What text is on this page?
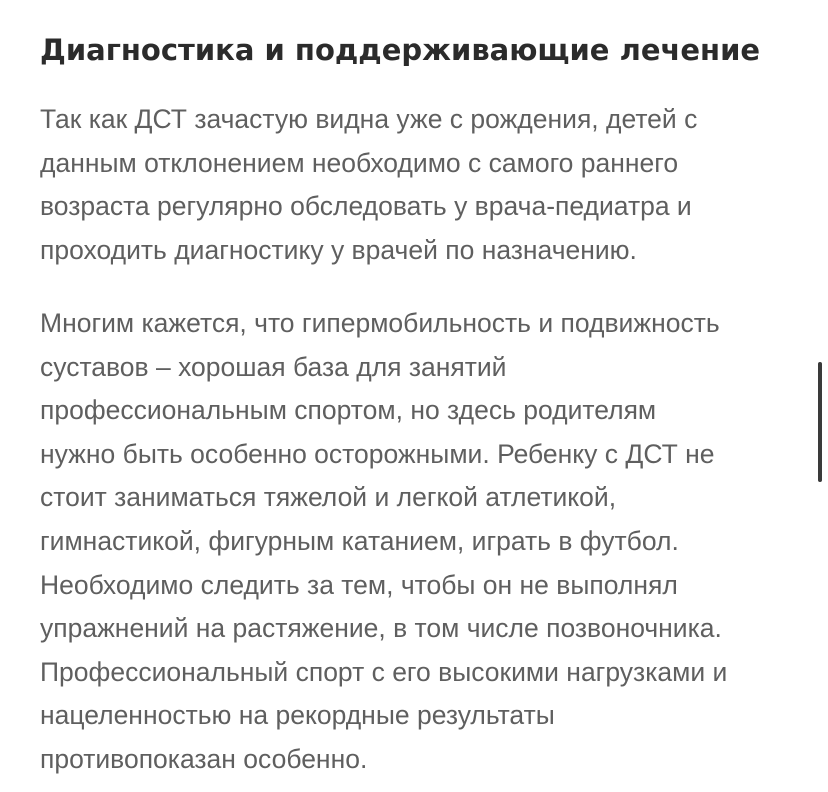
Диагностика и поддерживающие лечение

Так как ДСТ зачастую видна уже с рождения, детей с
данным отклонением необходимо с самого раннего
возраста регулярно обследовать у врача-педиатра и
проходить диагностику у врачей по назначению.

Многим кажется, что гипермобильность и подвижность
суставов – хорошая база для занятий
профессиональным спортом, но здесь родителям
нужно быть особенно осторожными. Ребенку с ДСТ не
стоит заниматься тяжелой и легкой атлетикой,
гимнастикой, фигурным катанием, играть в футбол.
Необходимо следить за тем, чтобы он не выполнял
упражнений на растяжение, в том числе позвоночника.
Профессиональный спорт с его высокими нагрузками и
нацеленностью на рекордные результаты
противопоказан особенно.
